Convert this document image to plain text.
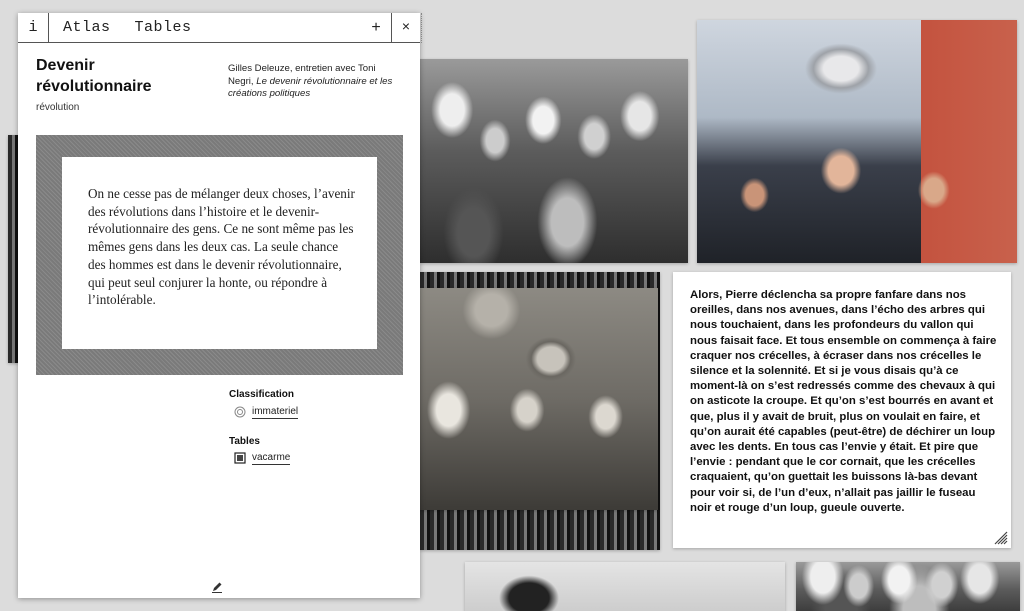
Alors, Pierre déclencha sa propre fanfare dans nos oreilles, dans nos avenues, dans l’écho des arbres qui nous touchaient, dans les profondeurs du vallon qui nous faisait face. Et tous ensemble on commença à faire craquer nos crécelles, à écraser dans nos crécelles le silence et la solennité. Et si je vous disais qu’à ce moment-là on s’est redressés comme des chevaux à qui on asticote la croupe. Et qu’on s’est bourrés en avant et que, plus il y avait de bruit, plus on voulait en faire, et qu’on aurait été capables (peut-être) de déchirer un loup avec les dents. En tous cas l’envie y était. Et pire que l’envie : pendant que le cor cornait, que les crécelles craquaient, qu’on guettait les buissons là-bas devant pour voir si, de l’un d’eux, n’allait pas jaillir le fuseau noir et rouge d’un loup, gueule ouverte.

i	Atlas Tables	+	×
Devenir révolutionnaire
révolution
Gilles Deleuze, entretien avec Toni Negri, Le devenir révolutionnaire et les créations politiques

On ne cesse pas de mélanger deux choses, l’avenir des révolutions dans l’histoire et le devenir-révolutionnaire des gens. Ce ne sont même pas les mêmes gens dans les deux cas. La seule chance des hommes est dans le devenir révolutionnaire, qui peut seul conjurer la honte, ou répondre à l’intolérable.

Classification
immateriel
Tables
vacarme
